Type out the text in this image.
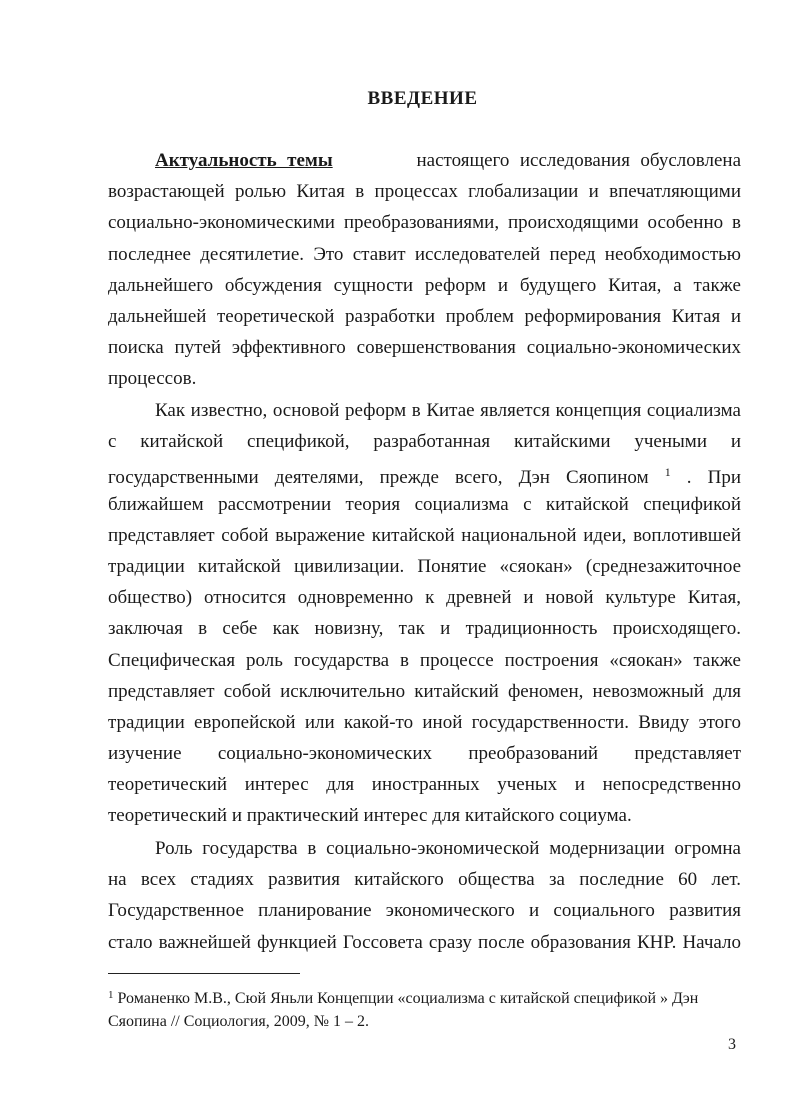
ВВЕДЕНИЕ
Актуальность темы	настоящего исследования обусловлена
возрастающей ролью Китая в процессах глобализации и впечатляющими
социально-экономическими преобразованиями, происходящими особенно в
последнее десятилетие. Это ставит исследователей перед необходимостью
дальнейшего обсуждения сущности реформ и будущего Китая, а также
дальнейшей теоретической разработки проблем реформирования Китая и
поиска путей эффективного совершенствования социально-экономических
процессов.
Как известно, основой реформ в Китае является концепция социализма
с китайской спецификой, разработанная китайскими учеными и
государственными деятелями, прежде всего, Дэн Сяопином $^1$ . При
ближайшем рассмотрении теория социализма с китайской спецификой
представляет собой выражение китайской национальной идеи, воплотившей
традиции китайской цивилизации. Понятие «сяокан» (среднезажиточное
общество) относится одновременно к древней и новой культуре Китая,
заключая в себе как новизну, так и традиционность происходящего.
Специфическая роль государства в процессе построения «сяокан» также
представляет собой исключительно китайский феномен, невозможный для
традиции европейской или какой-то иной государственности. Ввиду этого
изучение социально-экономических преобразований представляет
теоретический интерес для иностранных ученых и непосредственно
теоретический и практический интерес для китайского социума.
Роль государства в социально-экономической модернизации огромна
на всех стадиях развития китайского общества за последние 60 лет.
Государственное планирование экономического и социального развития
стало важнейшей функцией Госсовета сразу после образования КНР. Начало
$^1$ Романенко М.В., Сюй Яньли Концепции «социализма с китайской спецификой » Дэн
Сяопина // Социология, 2009, № 1 – 2.
3
